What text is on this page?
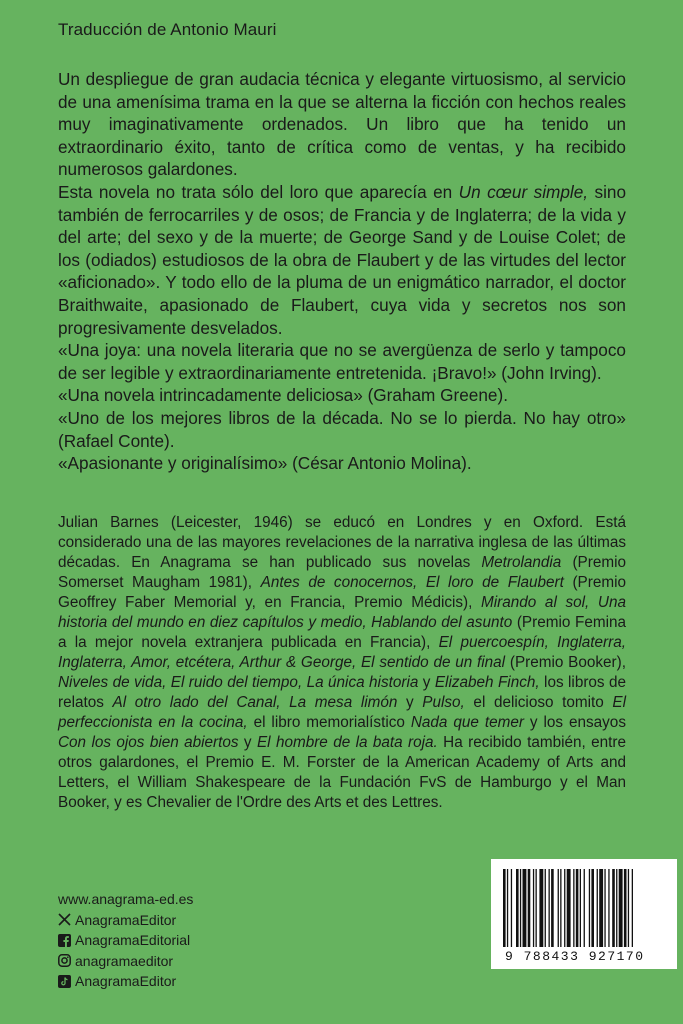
Traducción de Antonio Mauri

Un despliegue de gran audacia técnica y elegante virtuosismo, al servicio de una amenísima trama en la que se alterna la ficción con hechos reales muy imaginativamente ordenados. Un libro que ha tenido un extraordinario éxito, tanto de crítica como de ventas, y ha recibido numerosos galardones.

Esta novela no trata sólo del loro que aparecía en Un cœur simple, sino también de ferrocarriles y de osos; de Francia y de Inglaterra; de la vida y del arte; del sexo y de la muerte; de George Sand y de Louise Colet; de los (odiados) estudiosos de la obra de Flaubert y de las virtudes del lector «aficionado». Y todo ello de la pluma de un enigmático narrador, el doctor Braithwaite, apasionado de Flaubert, cuya vida y secretos nos son progresivamente desvelados.

«Una joya: una novela literaria que no se avergüenza de serlo y tampoco de ser legible y extraordinariamente entretenida. ¡Bravo!» (John Irving).

«Una novela intrincadamente deliciosa» (Graham Greene).

«Uno de los mejores libros de la década. No se lo pierda. No hay otro» (Rafael Conte).

«Apasionante y originalísimo» (César Antonio Molina).

Julian Barnes (Leicester, 1946) se educó en Londres y en Oxford. Está considerado una de las mayores revelaciones de la narrativa inglesa de las últimas décadas. En Anagrama se han publicado sus novelas Metrolandia (Premio Somerset Maugham 1981), Antes de conocernos, El loro de Flaubert (Premio Geoffrey Faber Memorial y, en Francia, Premio Médicis), Mirando al sol, Una historia del mundo en diez capítulos y medio, Hablando del asunto (Premio Femina a la mejor novela extranjera publicada en Francia), El puercoespín, Inglaterra, Inglaterra, Amor, etcétera, Arthur & George, El sentido de un final (Premio Booker), Niveles de vida, El ruido del tiempo, La única historia y Elizabeh Finch, los libros de relatos Al otro lado del Canal, La mesa limón y Pulso, el delicioso tomito El perfeccionista en la cocina, el libro memorialístico Nada que temer y los ensayos Con los ojos bien abiertos y El hombre de la bata roja. Ha recibido también, entre otros galardones, el Premio E. M. Forster de la American Academy of Arts and Letters, el William Shakespeare de la Fundación FvS de Hamburgo y el Man Booker, y es Chevalier de l'Ordre des Arts et des Lettres.

www.anagrama-ed.es
AnagramaEditor
AnagramaEditorial
anagramaeditor
AnagramaEditor
9 788433 927170
